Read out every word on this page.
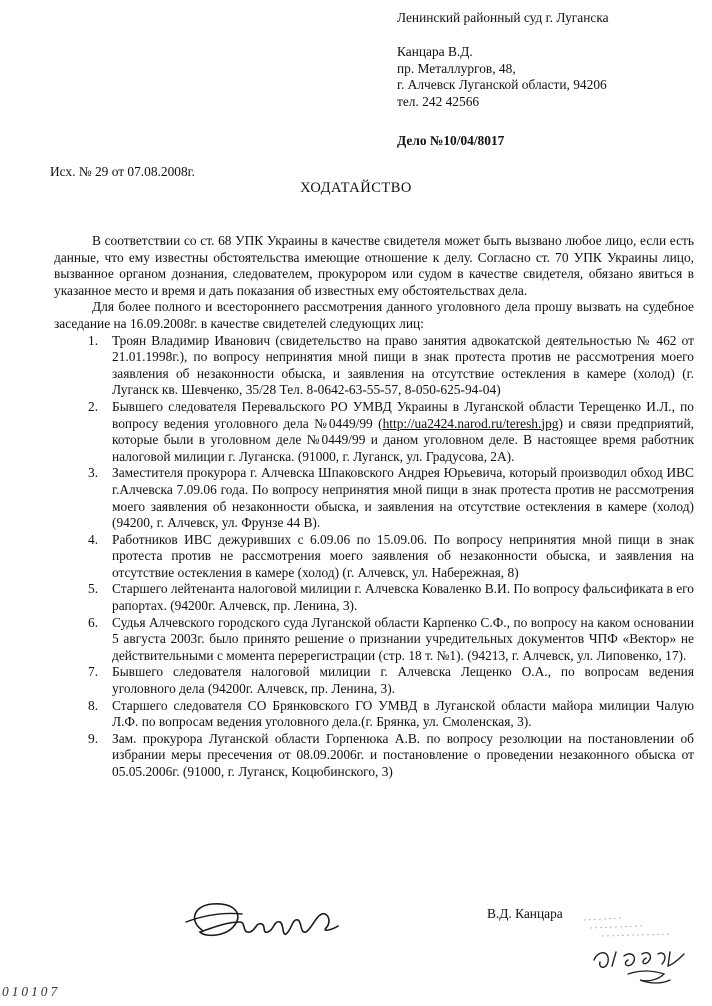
Ленинский районный суд г. Луганска
Канцара В.Д.
пр. Металлургов, 48,
г. Алчевск Луганской области, 94206
тел. 242 42566
Дело №10/04/8017
Исх. № 29 от 07.08.2008г.
ХОДАТАЙСТВО

В соответствии со ст. 68 УПК Украины в качестве свидетеля может быть вызвано любое лицо, если есть данные, что ему известны обстоятельства имеющие отношение к делу. Согласно ст. 70 УПК Украины лицо, вызванное органом дознания, следователем, прокурором или судом в качестве свидетеля, обязано явиться в указанное место и время и дать показания об известных ему обстоятельствах дела.

Для более полного и всестороннего рассмотрения данного уголовного дела прошу вызвать на судебное заседание на 16.09.2008г. в качестве свидетелей следующих лиц:

1. Троян Владимир Иванович (свидетельство на право занятия адвокатской деятельностью № 462 от 21.01.1998г.), по вопросу непринятия мной пищи в знак протеста против не рассмотрения моего заявления об незаконности обыска, и заявления на отсутствие остекления в камере (холод) (г. Луганск кв. Шевченко, 35/28 Тел. 8-0642-63-55-57, 8-050-625-94-04)
2. Бывшего следователя Перевальского РО УМВД Украины в Луганской области Терещенко И.Л., по вопросу ведения уголовного дела №0449/99 (http://ua2424.narod.ru/teresh.jpg) и связи предприятий, которые были в уголовном деле №0449/99 и даном уголовном деле. В настоящее время работник налоговой милиции г. Луганска. (91000, г. Луганск, ул. Градусова, 2А).
3. Заместителя прокурора г. Алчевска Шпаковского Андрея Юрьевича, который производил обход ИВС г.Алчевска 7.09.06 года. По вопросу непринятия мной пищи в знак протеста против не рассмотрения моего заявления об незаконности обыска, и заявления на отсутствие остекления в камере (холод) (94200, г. Алчевск, ул. Фрунзе 44 В).
4. Работников ИВС дежуривших с 6.09.06 по 15.09.06. По вопросу непринятия мной пищи в знак протеста против не рассмотрения моего заявления об незаконности обыска, и заявления на отсутствие остекления в камере (холод) (г. Алчевск, ул. Набережная, 8)
5. Старшего лейтенанта налоговой милиции г. Алчевска Коваленко В.И. По вопросу фальсификата в его рапортах. (94200г. Алчевск, пр. Ленина, 3).
6. Судья Алчевского городского суда Луганской области Карпенко С.Ф., по вопросу на каком основании 5 августа 2003г. было принято решение о признании учредительных документов ЧПФ «Вектор» не действительными с момента перерегистрации (стр. 18 т. №1). (94213, г. Алчевск, ул. Липовенко, 17).
7. Бывшего следователя налоговой милиции г. Алчевска Лещенко О.А., по вопросам ведения уголовного дела (94200г. Алчевск, пр. Ленина, 3).
8. Старшего следователя СО Брянковского ГО УМВД в Луганской области майора милиции Чалую Л.Ф. по вопросам ведения уголовного дела.(г. Брянка, ул. Смоленская, 3).
9. Зам. прокурора Луганской области Горпенюка А.В. по вопросу резолюции на постановлении об избрании меры пресечения от 08.09.2006г. и постановление о проведении незаконного обыска от 05.05.2006г. (91000, г. Луганск, Коцюбинского, 3)
В.Д. Канцара
010107
